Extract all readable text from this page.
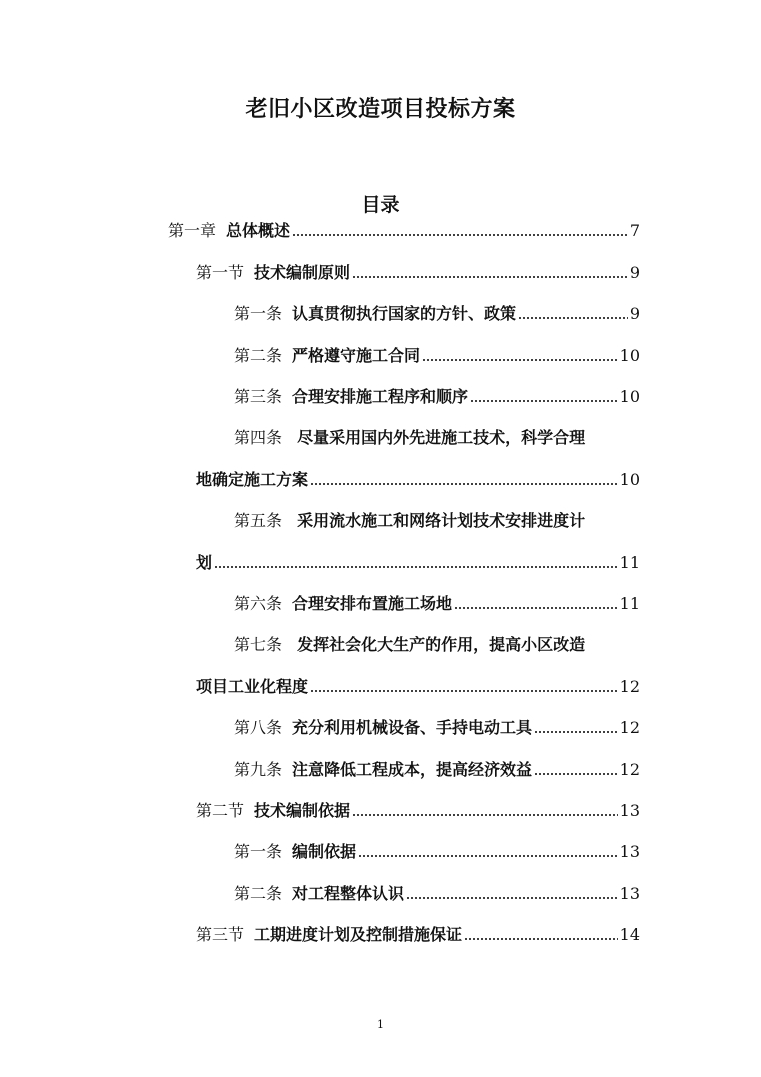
老旧小区改造项目投标方案
目录
第一章 总体概述	7
第一节 技术编制原则	9
第一条 认真贯彻执行国家的方针、政策	9
第二条 严格遵守施工合同	10
第三条 合理安排施工程序和顺序	10
第四条 尽量采用国内外先进施工技术，科学合理
地确定施工方案	10
第五条 采用流水施工和网络计划技术安排进度计
划	11
第六条 合理安排布置施工场地	11
第七条 发挥社会化大生产的作用，提高小区改造
项目工业化程度	12
第八条 充分利用机械设备、手持电动工具	12
第九条 注意降低工程成本，提高经济效益	12
第二节 技术编制依据	13
第一条 编制依据	13
第二条 对工程整体认识	13
第三节 工期进度计划及控制措施保证	14
1
